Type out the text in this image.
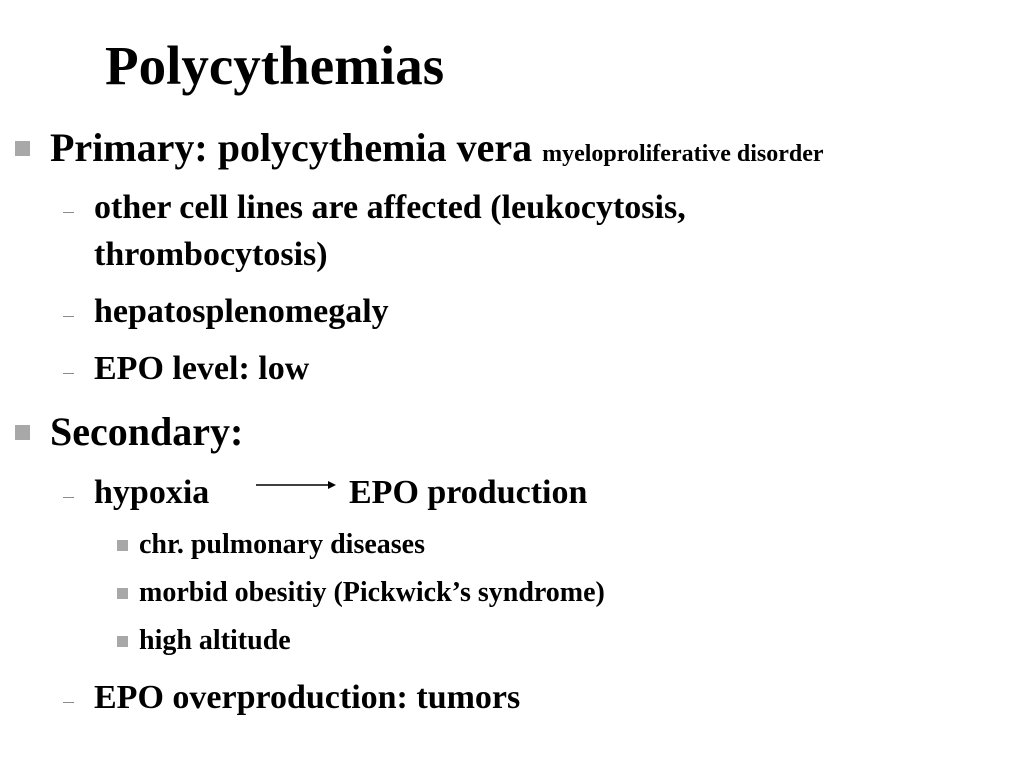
Polycythemias
Primary: polycythemia vera myeloproliferative disorder
other cell lines are affected (leukocytosis,
thrombocytosis)
hepatosplenomegaly
EPO level: low
Secondary:
hypoxia	EPO production
chr. pulmonary diseases
morbid obesitiy (Pickwick’s syndrome)
high altitude
EPO overproduction: tumors
